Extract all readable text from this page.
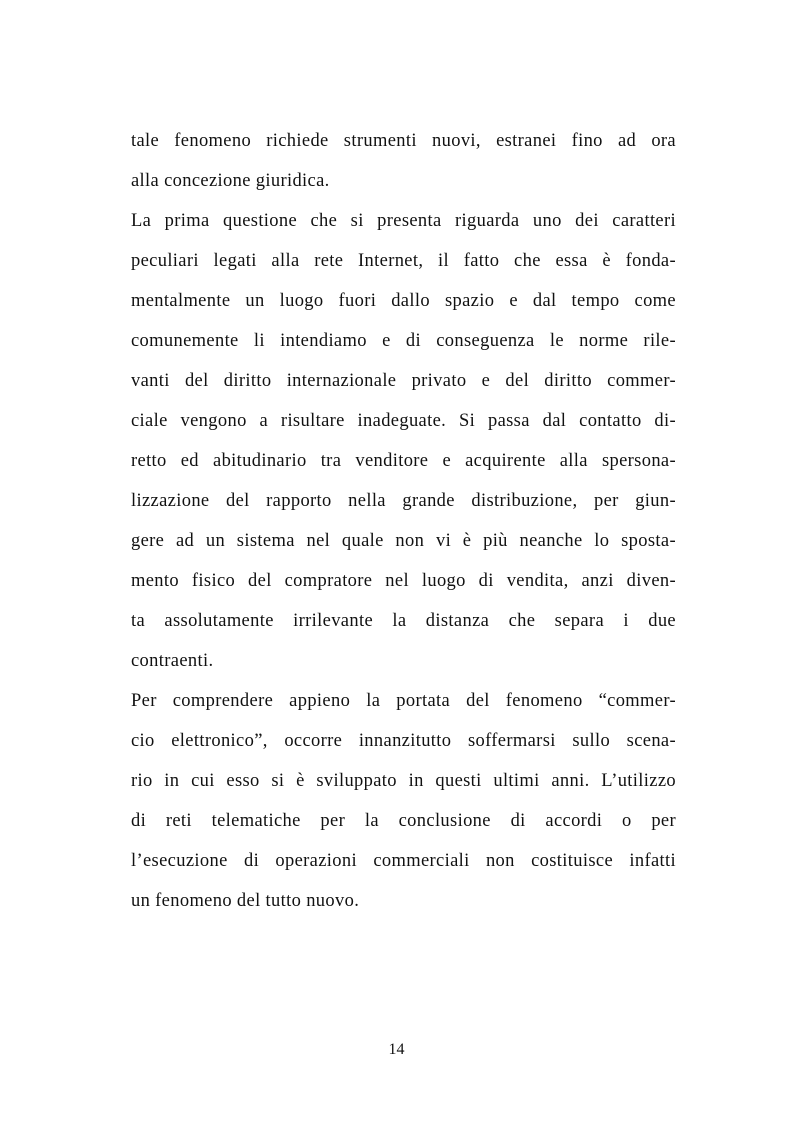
tale fenomeno richiede strumenti nuovi, estranei fino ad ora
alla concezione giuridica.
La prima questione che si presenta riguarda uno dei caratteri
peculiari legati alla rete Internet, il fatto che essa è fonda-
mentalmente un luogo fuori dallo spazio e dal tempo come
comunemente li intendiamo e di conseguenza le norme rile-
vanti del diritto internazionale privato e del diritto commer-
ciale vengono a risultare inadeguate. Si passa dal contatto di-
retto ed abitudinario tra venditore e acquirente alla spersona-
lizzazione del rapporto nella grande distribuzione, per giun-
gere ad un sistema nel quale non vi è più neanche lo sposta-
mento fisico del compratore nel luogo di vendita, anzi diven-
ta assolutamente irrilevante la distanza che separa i due
contraenti.
Per comprendere appieno la portata del fenomeno “commer-
cio elettronico”, occorre innanzitutto soffermarsi sullo scena-
rio in cui esso si è sviluppato in questi ultimi anni. L’utilizzo
di reti telematiche per la conclusione di accordi o per
l’esecuzione di operazioni commerciali non costituisce infatti
un fenomeno del tutto nuovo.
14
